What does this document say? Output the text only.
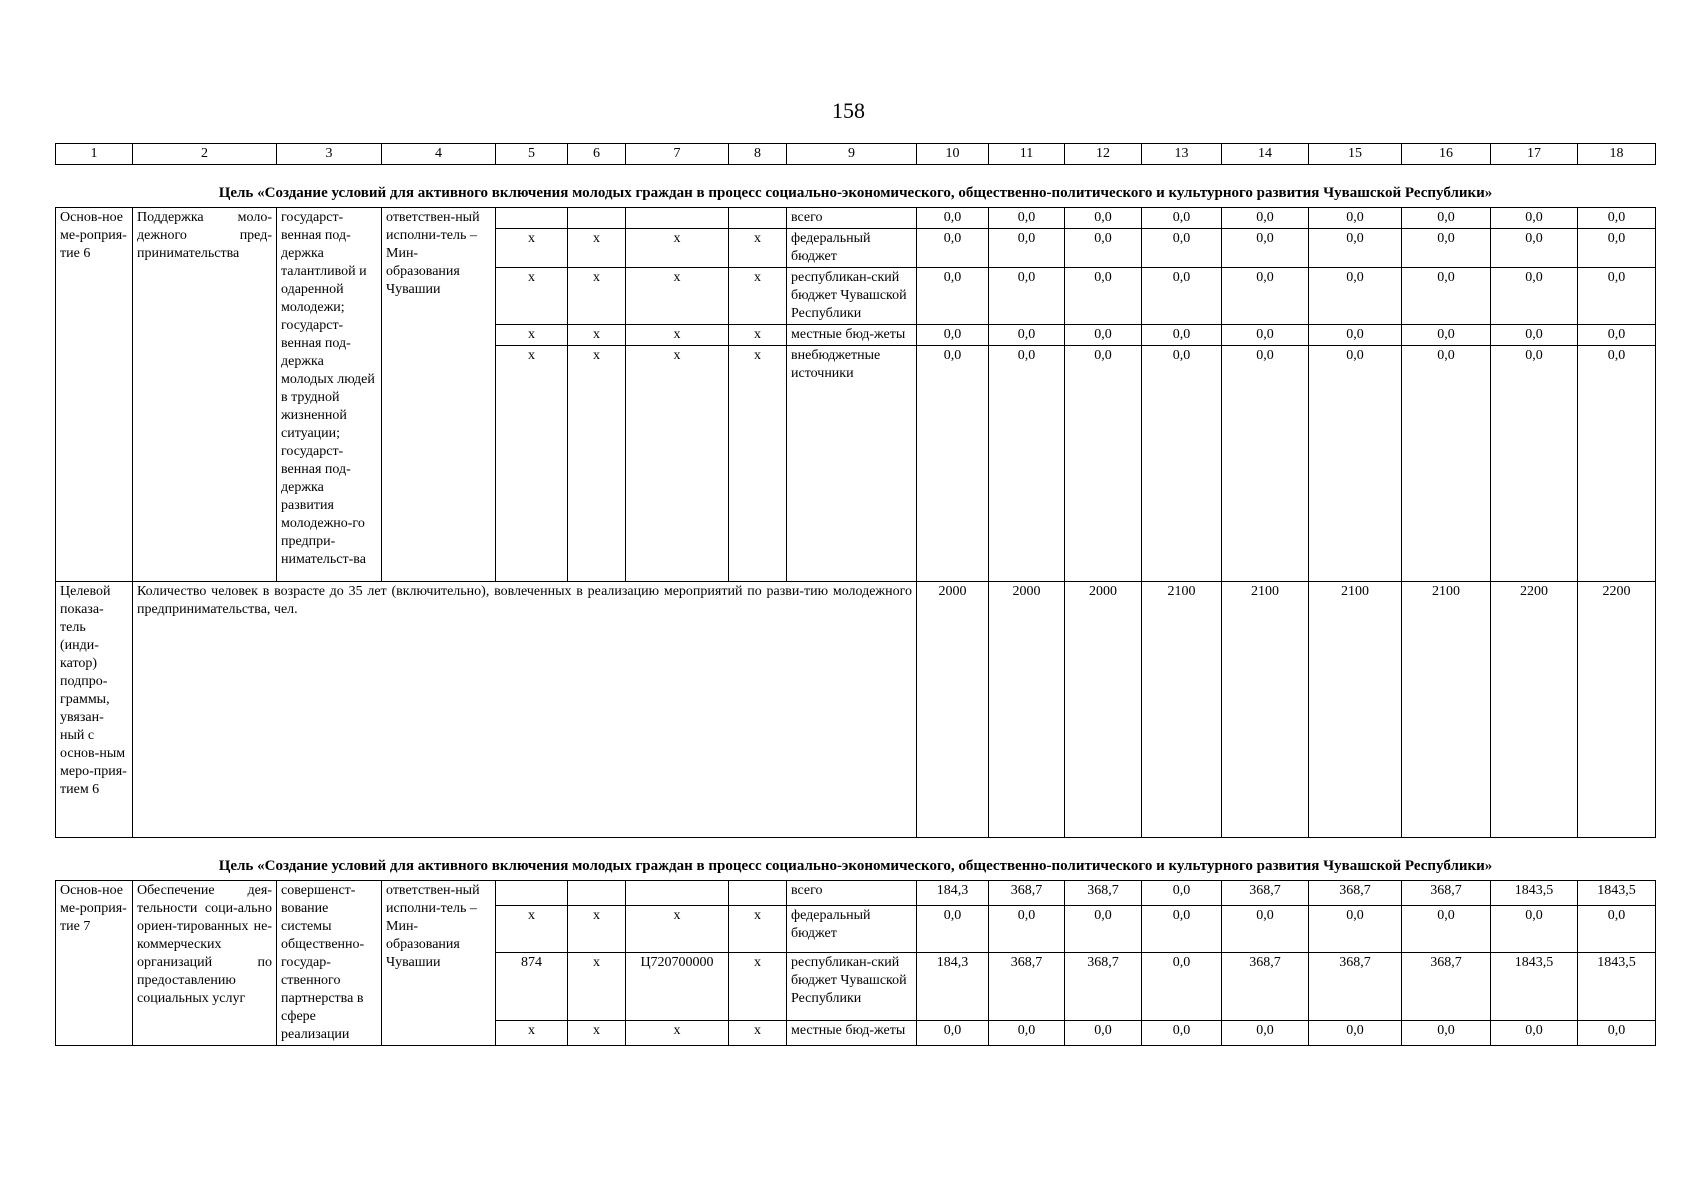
158
1	2	3	4	5	6	7	8	9	10	11	12	13	14	15	16	17	18

Цель «Создание условий для активного включения молодых граждан в процесс социально-экономического, общественно-политического и культурного развития Чувашской Республики»																	
Основ-ное ме-роприя-тие 6	Поддержка моло-дежного пред-принимательства	государст-венная под-держка талантливой и одаренной молодежи; государст-венная под-держка молодых людей в трудной жизненной ситуации; государст-венная под-держка развития молодежно-го предпри-нимательст-ва	ответствен-ный исполни-тель – Мин-образования Чувашии					всего	0,0	0,0	0,0	0,0	0,0	0,0	0,0	0,0	0,0
				x	x	x	x	федеральный бюджет	0,0	0,0	0,0	0,0	0,0	0,0	0,0	0,0	0,0
				x	x	x	x	республикан-ский бюджет Чувашской Республики	0,0	0,0	0,0	0,0	0,0	0,0	0,0	0,0	0,0
				x	x	x	x	местные бюд-жеты	0,0	0,0	0,0	0,0	0,0	0,0	0,0	0,0	0,0
				x	x	x	x	внебюджетные источники	0,0	0,0	0,0	0,0	0,0	0,0	0,0	0,0	0,0
Целевой показа-тель (инди-катор) подпро-граммы, увязан-ный с основ-ным меро-прия-тием 6	Количество человек в возрасте до 35 лет (включительно), вовлеченных в реализацию мероприятий по разви-тию молодежного предпринимательства, чел.								2000	2000	2000	2100	2100	2100	2100	2200	2200

Цель «Создание условий для активного включения молодых граждан в процесс социально-экономического, общественно-политического и культурного развития Чувашской Республики»																	
Основ-ное ме-роприя-тие 7	Обеспечение дея-тельности соци-ально ориен-тированных не-коммерческих организаций по предоставлению социальных услуг	совершенст-вование системы общественно-государ-ственного партнерства в сфере реализации	ответствен-ный исполни-тель – Мин-образования Чувашии					всего	184,3	368,7	368,7	0,0	368,7	368,7	368,7	1843,5	1843,5
				x	x	x	x	федеральный бюджет	0,0	0,0	0,0	0,0	0,0	0,0	0,0	0,0	0,0
				874	x	Ц720700000	x	республикан-ский бюджет Чувашской Республики	184,3	368,7	368,7	0,0	368,7	368,7	368,7	1843,5	1843,5
				x	x	x	x	местные бюд-жеты	0,0	0,0	0,0	0,0	0,0	0,0	0,0	0,0	0,0
